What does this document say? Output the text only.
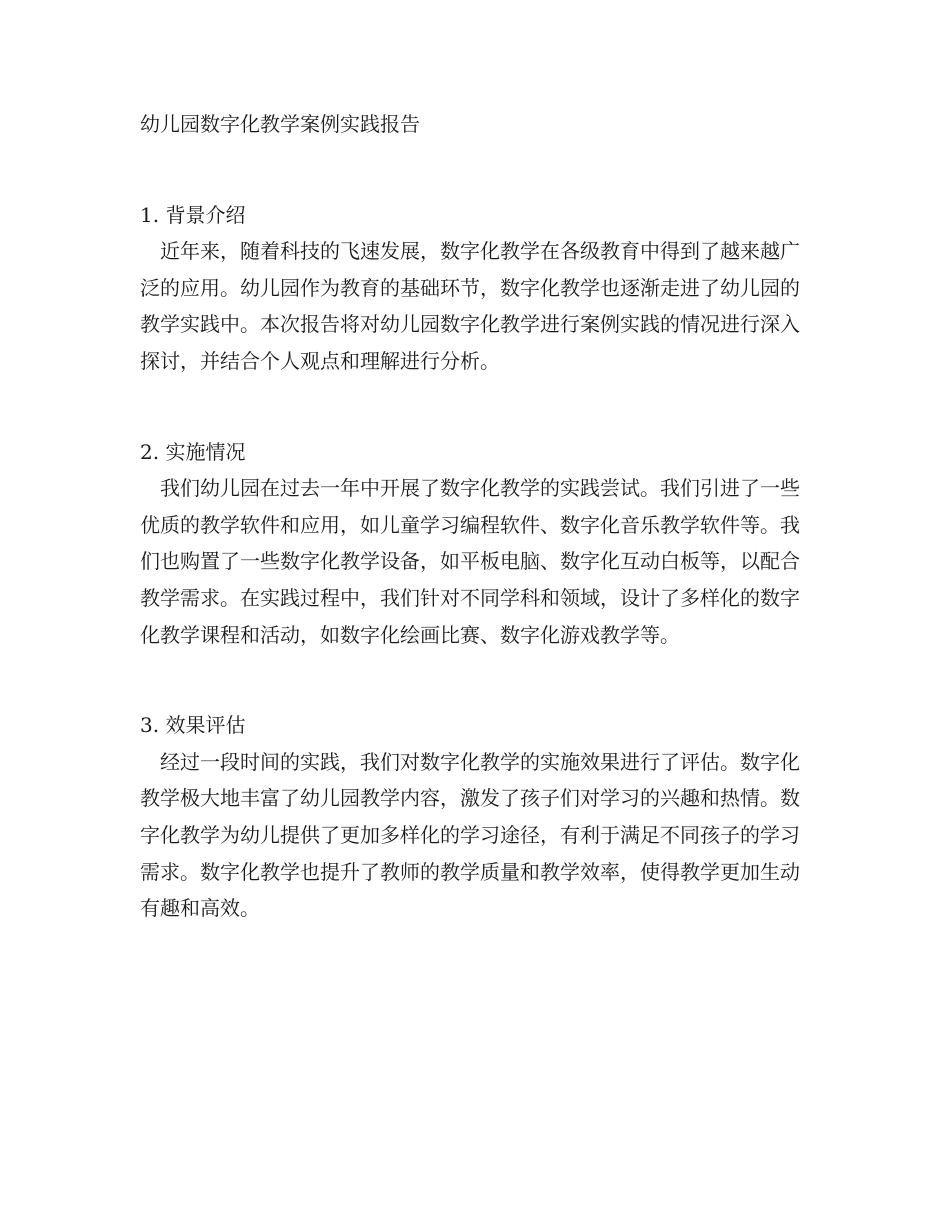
幼儿园数字化教学案例实践报告
1. 背景介绍

近年来，随着科技的飞速发展，数字化教学在各级教育中得到了越来越广泛的应用。幼儿园作为教育的基础环节，数字化教学也逐渐走进了幼儿园的教学实践中。本次报告将对幼儿园数字化教学进行案例实践的情况进行深入探讨，并结合个人观点和理解进行分析。

2. 实施情况

我们幼儿园在过去一年中开展了数字化教学的实践尝试。我们引进了一些优质的教学软件和应用，如儿童学习编程软件、数字化音乐教学软件等。我们也购置了一些数字化教学设备，如平板电脑、数字化互动白板等，以配合教学需求。在实践过程中，我们针对不同学科和领域，设计了多样化的数字化教学课程和活动，如数字化绘画比赛、数字化游戏教学等。

3. 效果评估

经过一段时间的实践，我们对数字化教学的实施效果进行了评估。数字化教学极大地丰富了幼儿园教学内容，激发了孩子们对学习的兴趣和热情。数字化教学为幼儿提供了更加多样化的学习途径，有利于满足不同孩子的学习需求。数字化教学也提升了教师的教学质量和教学效率，使得教学更加生动有趣和高效。
